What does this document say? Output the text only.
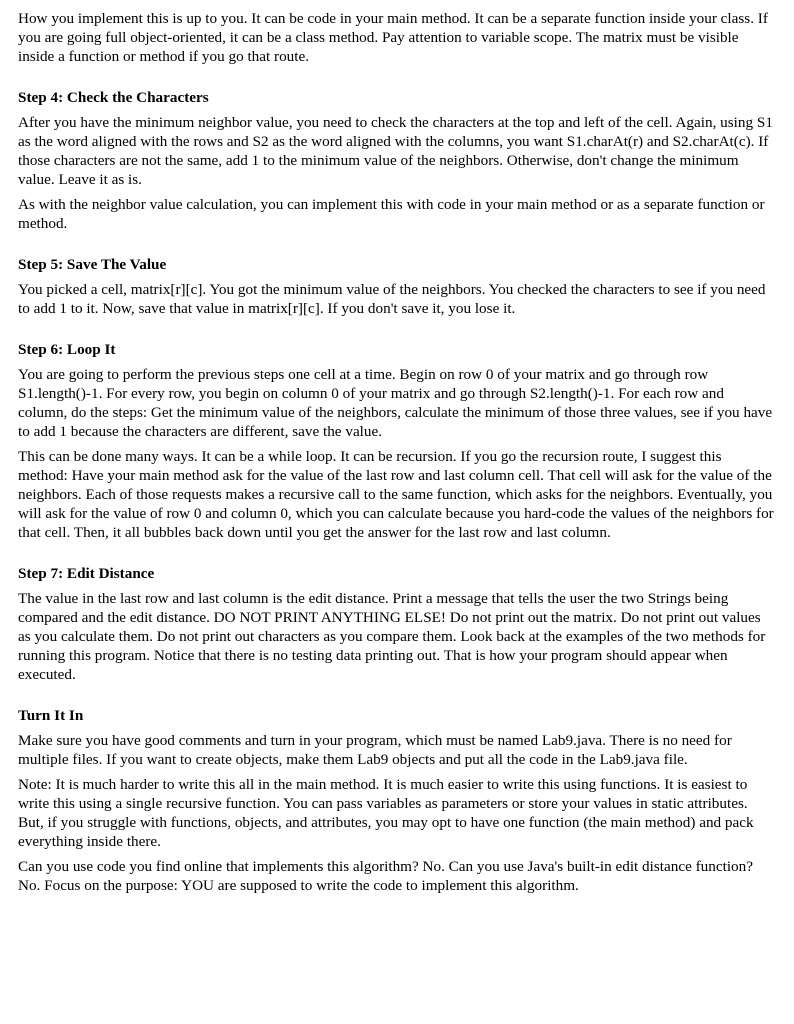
How you implement this is up to you. It can be code in your main method. It can be a separate function inside your class. If you are going full object-oriented, it can be a class method. Pay attention to variable scope. The matrix must be visible inside a function or method if you go that route.

Step 4: Check the Characters

After you have the minimum neighbor value, you need to check the characters at the top and left of the cell. Again, using S1 as the word aligned with the rows and S2 as the word aligned with the columns, you want S1.charAt(r) and S2.charAt(c). If those characters are not the same, add 1 to the minimum value of the neighbors. Otherwise, don't change the minimum value. Leave it as is.

As with the neighbor value calculation, you can implement this with code in your main method or as a separate function or method.

Step 5: Save The Value

You picked a cell, matrix[r][c]. You got the minimum value of the neighbors. You checked the characters to see if you need to add 1 to it. Now, save that value in matrix[r][c]. If you don't save it, you lose it.

Step 6: Loop It

You are going to perform the previous steps one cell at a time. Begin on row 0 of your matrix and go through row S1.length()-1. For every row, you begin on column 0 of your matrix and go through S2.length()-1. For each row and column, do the steps: Get the minimum value of the neighbors, calculate the minimum of those three values, see if you have to add 1 because the characters are different, save the value.

This can be done many ways. It can be a while loop. It can be recursion. If you go the recursion route, I suggest this method: Have your main method ask for the value of the last row and last column cell. That cell will ask for the value of the neighbors. Each of those requests makes a recursive call to the same function, which asks for the neighbors. Eventually, you will ask for the value of row 0 and column 0, which you can calculate because you hard-code the values of the neighbors for that cell. Then, it all bubbles back down until you get the answer for the last row and last column.

Step 7: Edit Distance

The value in the last row and last column is the edit distance. Print a message that tells the user the two Strings being compared and the edit distance. DO NOT PRINT ANYTHING ELSE! Do not print out the matrix. Do not print out values as you calculate them. Do not print out characters as you compare them. Look back at the examples of the two methods for running this program. Notice that there is no testing data printing out. That is how your program should appear when executed.

Turn It In

Make sure you have good comments and turn in your program, which must be named Lab9.java. There is no need for multiple files. If you want to create objects, make them Lab9 objects and put all the code in the Lab9.java file.

Note: It is much harder to write this all in the main method. It is much easier to write this using functions. It is easiest to write this using a single recursive function. You can pass variables as parameters or store your values in static attributes. But, if you struggle with functions, objects, and attributes, you may opt to have one function (the main method) and pack everything inside there.

Can you use code you find online that implements this algorithm? No. Can you use Java's built-in edit distance function? No. Focus on the purpose: YOU are supposed to write the code to implement this algorithm.
